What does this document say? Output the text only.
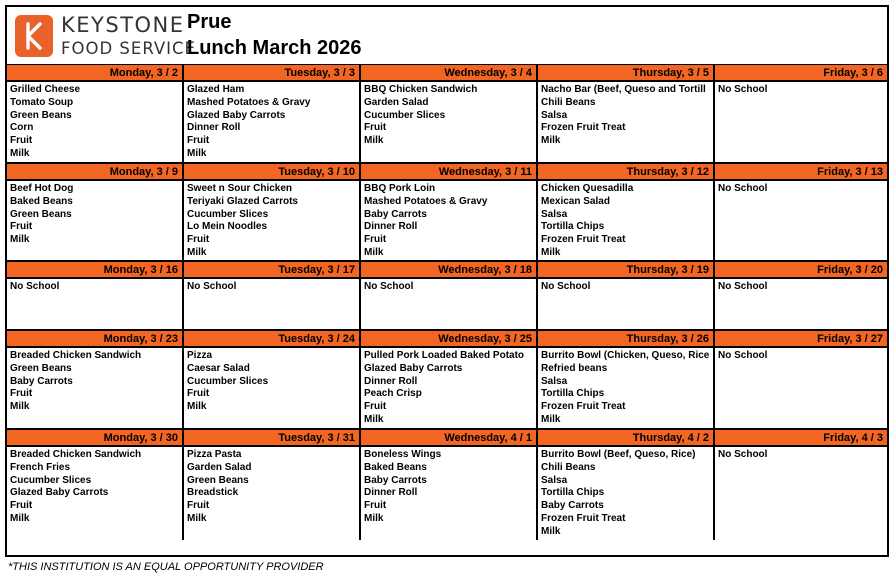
KEYSTONE
FOOD SERVICE
Prue
Lunch March 2026
Monday, 3 / 2
Grilled Cheese
Tomato Soup
Green Beans
Corn
Fruit
Milk
Tuesday, 3 / 3
Glazed Ham
Mashed Potatoes & Gravy
Glazed Baby Carrots
Dinner Roll
Fruit
Milk
Wednesday, 3 / 4
BBQ Chicken Sandwich
Garden Salad
Cucumber Slices
Fruit
Milk
Thursday, 3 / 5
Nacho Bar (Beef, Queso and Tortill
Chili Beans
Salsa
Frozen Fruit Treat
Milk
Friday, 3 / 6
No School
Monday, 3 / 9
Beef Hot Dog
Baked Beans
Green Beans
Fruit
Milk
Tuesday, 3 / 10
Sweet n Sour Chicken
Teriyaki Glazed Carrots
Cucumber Slices
Lo Mein Noodles
Fruit
Milk
Wednesday, 3 / 11
BBQ Pork Loin
Mashed Potatoes & Gravy
Baby Carrots
Dinner Roll
Fruit
Milk
Thursday, 3 / 12
Chicken Quesadilla
Mexican Salad
Salsa
Tortilla Chips
Frozen Fruit Treat
Milk
Friday, 3 / 13
No School
Monday, 3 / 16
No School
Tuesday, 3 / 17
No School
Wednesday, 3 / 18
No School
Thursday, 3 / 19
No School
Friday, 3 / 20
No School
Monday, 3 / 23
Breaded Chicken Sandwich
Green Beans
Baby Carrots
Fruit
Milk
Tuesday, 3 / 24
Pizza
Caesar Salad
Cucumber Slices
Fruit
Milk
Wednesday, 3 / 25
Pulled Pork Loaded Baked Potato
Glazed Baby Carrots
Dinner Roll
Peach Crisp
Fruit
Milk
Thursday, 3 / 26
Burrito Bowl (Chicken, Queso, Rice
Refried beans
Salsa
Tortilla Chips
Frozen Fruit Treat
Milk
Friday, 3 / 27
No School
Monday, 3 / 30
Breaded Chicken Sandwich
French Fries
Cucumber Slices
Glazed Baby Carrots
Fruit
Milk
Tuesday, 3 / 31
Pizza Pasta
Garden Salad
Green Beans
Breadstick
Fruit
Milk
Wednesday, 4 / 1
Boneless Wings
Baked Beans
Baby Carrots
Dinner Roll
Fruit
Milk
Thursday, 4 / 2
Burrito Bowl (Beef, Queso, Rice)
Chili Beans
Salsa
Tortilla Chips
Baby Carrots
Frozen Fruit Treat
Milk
Friday, 4 / 3
No School
*THIS INSTITUTION IS AN EQUAL OPPORTUNITY PROVIDER
